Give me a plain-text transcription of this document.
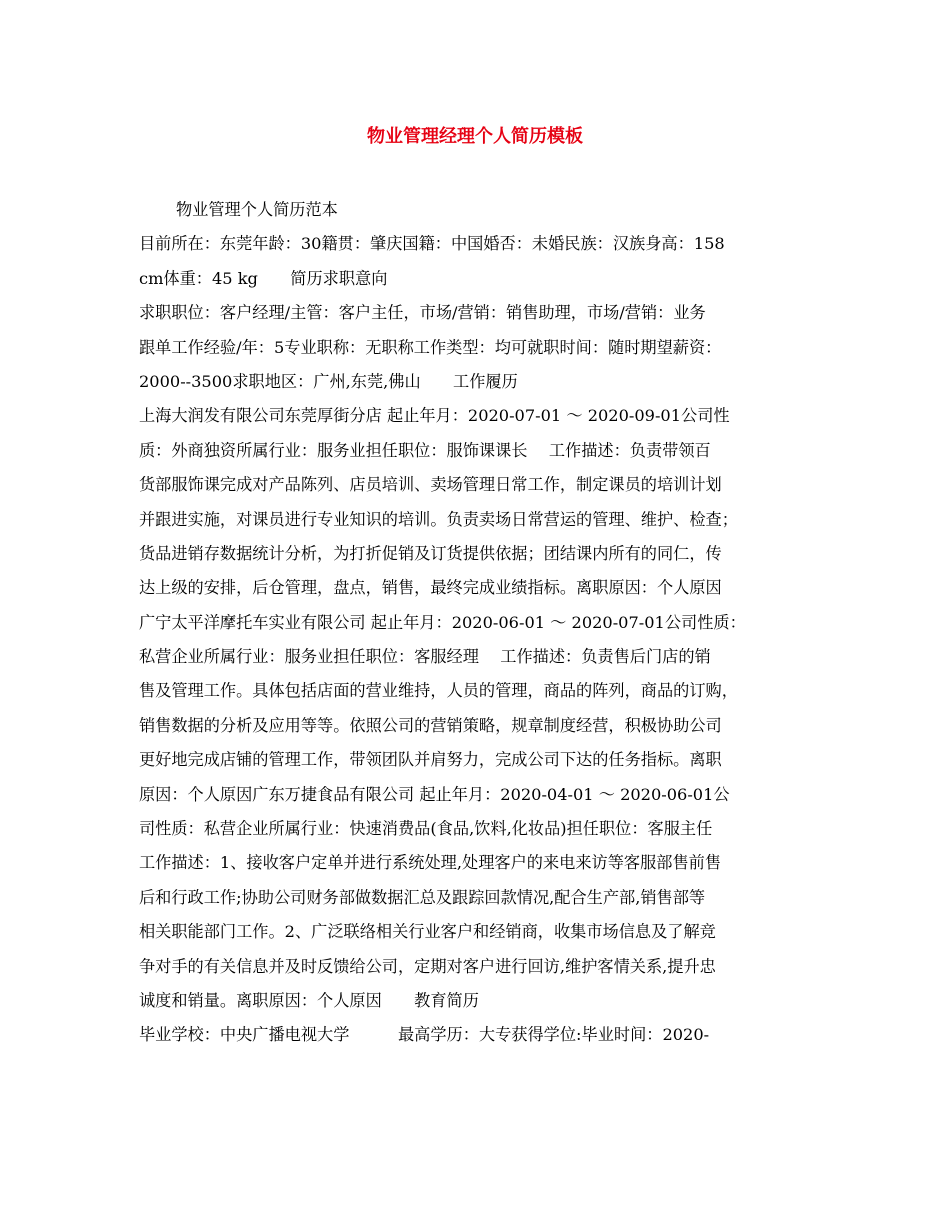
物业管理经理个人简历模板
物业管理个人简历范本
目前所在：东莞年龄：30籍贯：肇庆国籍：中国婚否：未婚民族：汉族身高：158
cm体重：45 kg　　简历求职意向
求职职位：客户经理/主管：客户主任，市场/营销：销售助理，市场/营销：业务
跟单工作经验/年：5专业职称：无职称工作类型：均可就职时间：随时期望薪资：
2000--3500求职地区：广州,东莞,佛山　　工作履历
上海大润发有限公司东莞厚街分店 起止年月：2020-07-01 ～ 2020-09-01公司性
质：外商独资所属行业：服务业担任职位：服饰课课长　 工作描述：负责带领百
货部服饰课完成对产品陈列、店员培训、卖场管理日常工作，制定课员的培训计划
并跟进实施，对课员进行专业知识的培训。负责卖场日常营运的管理、维护、检查；
货品进销存数据统计分析，为打折促销及订货提供依据；团结课内所有的同仁，传
达上级的安排，后仓管理，盘点，销售，最终完成业绩指标。离职原因：个人原因
广宁太平洋摩托车实业有限公司 起止年月：2020-06-01 ～ 2020-07-01公司性质：
私营企业所属行业：服务业担任职位：客服经理　 工作描述：负责售后门店的销
售及管理工作。具体包括店面的营业维持，人员的管理，商品的阵列，商品的订购，
销售数据的分析及应用等等。依照公司的营销策略，规章制度经营，积极协助公司
更好地完成店铺的管理工作，带领团队并肩努力，完成公司下达的任务指标。离职
原因：个人原因广东万捷食品有限公司 起止年月：2020-04-01 ～ 2020-06-01公
司性质：私营企业所属行业：快速消费品(食品,饮料,化妆品)担任职位：客服主任
工作描述：1、接收客户定单并进行系统处理,处理客户的来电来访等客服部售前售
后和行政工作;协助公司财务部做数据汇总及跟踪回款情况,配合生产部,销售部等
相关职能部门工作。2、广泛联络相关行业客户和经销商，收集市场信息及了解竞
争对手的有关信息并及时反馈给公司，定期对客户进行回访,维护客情关系,提升忠
诚度和销量。离职原因：个人原因　　教育简历
毕业学校：中央广播电视大学　　　最高学历：大专获得学位:毕业时间：2020-
